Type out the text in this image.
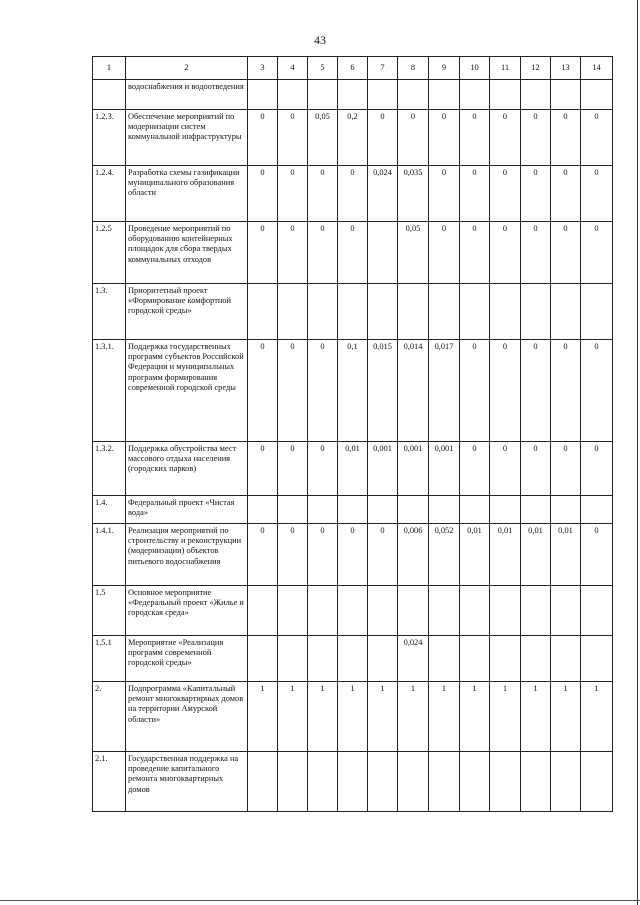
43
1	2	3	4	5	6	7	8	9	10	11	12	13	14
	водоснабжения и водоотведения												
1.2.3.	Обеспечение мероприятий по модернизации систем коммунальной инфраструктуры	0	0	0,05	0,2	0	0	0	0	0	0	0	0
1.2.4.	Разработка схемы газификации муниципального образования области	0	0	0	0	0,024	0,035	0	0	0	0	0	0
1.2.5	Проведение мероприятий по оборудованию контейнерных площадок для сбора твердых коммунальных отходов	0	0	0	0		0,05	0	0	0	0	0	0
1.3.	Приоритетный проект «Формирование комфортной городской среды»												
1.3.1.	Поддержка государственных программ субъектов Российской Федерации и муниципальных программ формирования современной городской среды	0	0	0	0,1	0,015	0,014	0,017	0	0	0	0	0
1.3.2.	Поддержка обустройства мест массового отдыха населения (городских парков)	0	0	0	0,01	0,001	0,001	0,001	0	0	0	0	0
1.4.	Федеральный проект «Чистая вода»												
1.4.1.	Реализация мероприятий по строительству и реконструкции (модернизации) объектов питьевого водоснабжения	0	0	0	0	0	0,006	0,052	0,01	0,01	0,01	0,01	0
1.5	Основное мероприятие «Федеральный проект «Жилье и городская среда»												
1.5.1	Мероприятие «Реализация программ современной городской среды»						0,024						
2.	Подпрограмма «Капитальный ремонт многоквартирных домов на территории Амурской области»	1	1	1	1	1	1	1	1	1	1	1	1
2.1.	Государственная поддержка на проведение капитального ремонта многоквартирных домов												
